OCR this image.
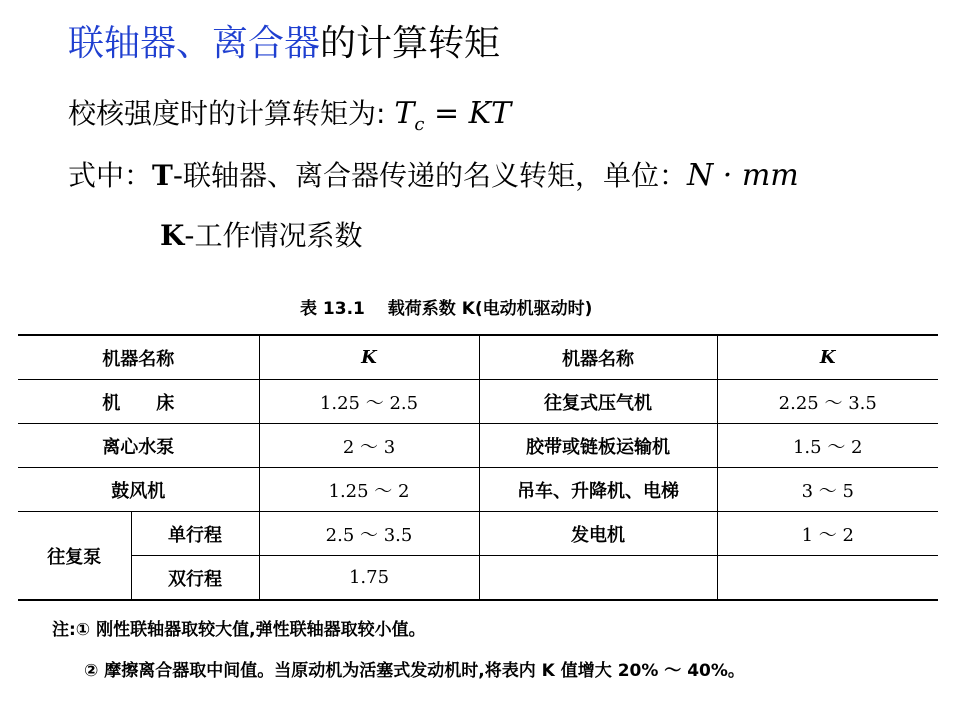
联轴器、离合器的计算转矩
校核强度时的计算转矩为: $T_c$ = KT
式中：T-联轴器、离合器传递的名义转矩，单位：N · mm
K-工作情况系数
表 13.1　 载荷系数 K(电动机驱动时)
机器名称		K	机器名称	K
机　　床		1.25 ～ 2.5	往复式压气机	2.25 ～ 3.5
离心水泵		2 ～ 3	胶带或链板运输机	1.5 ～ 2
鼓风机		1.25 ～ 2	吊车、升降机、电梯	3 ～ 5
往复泵	单行程	2.5 ～ 3.5	发电机	1 ～ 2
	双行程	1.75		
注:① 刚性联轴器取较大值,弹性联轴器取较小值。
② 摩擦离合器取中间值。当原动机为活塞式发动机时,将表内 K 值增大 20% ～ 40%。
